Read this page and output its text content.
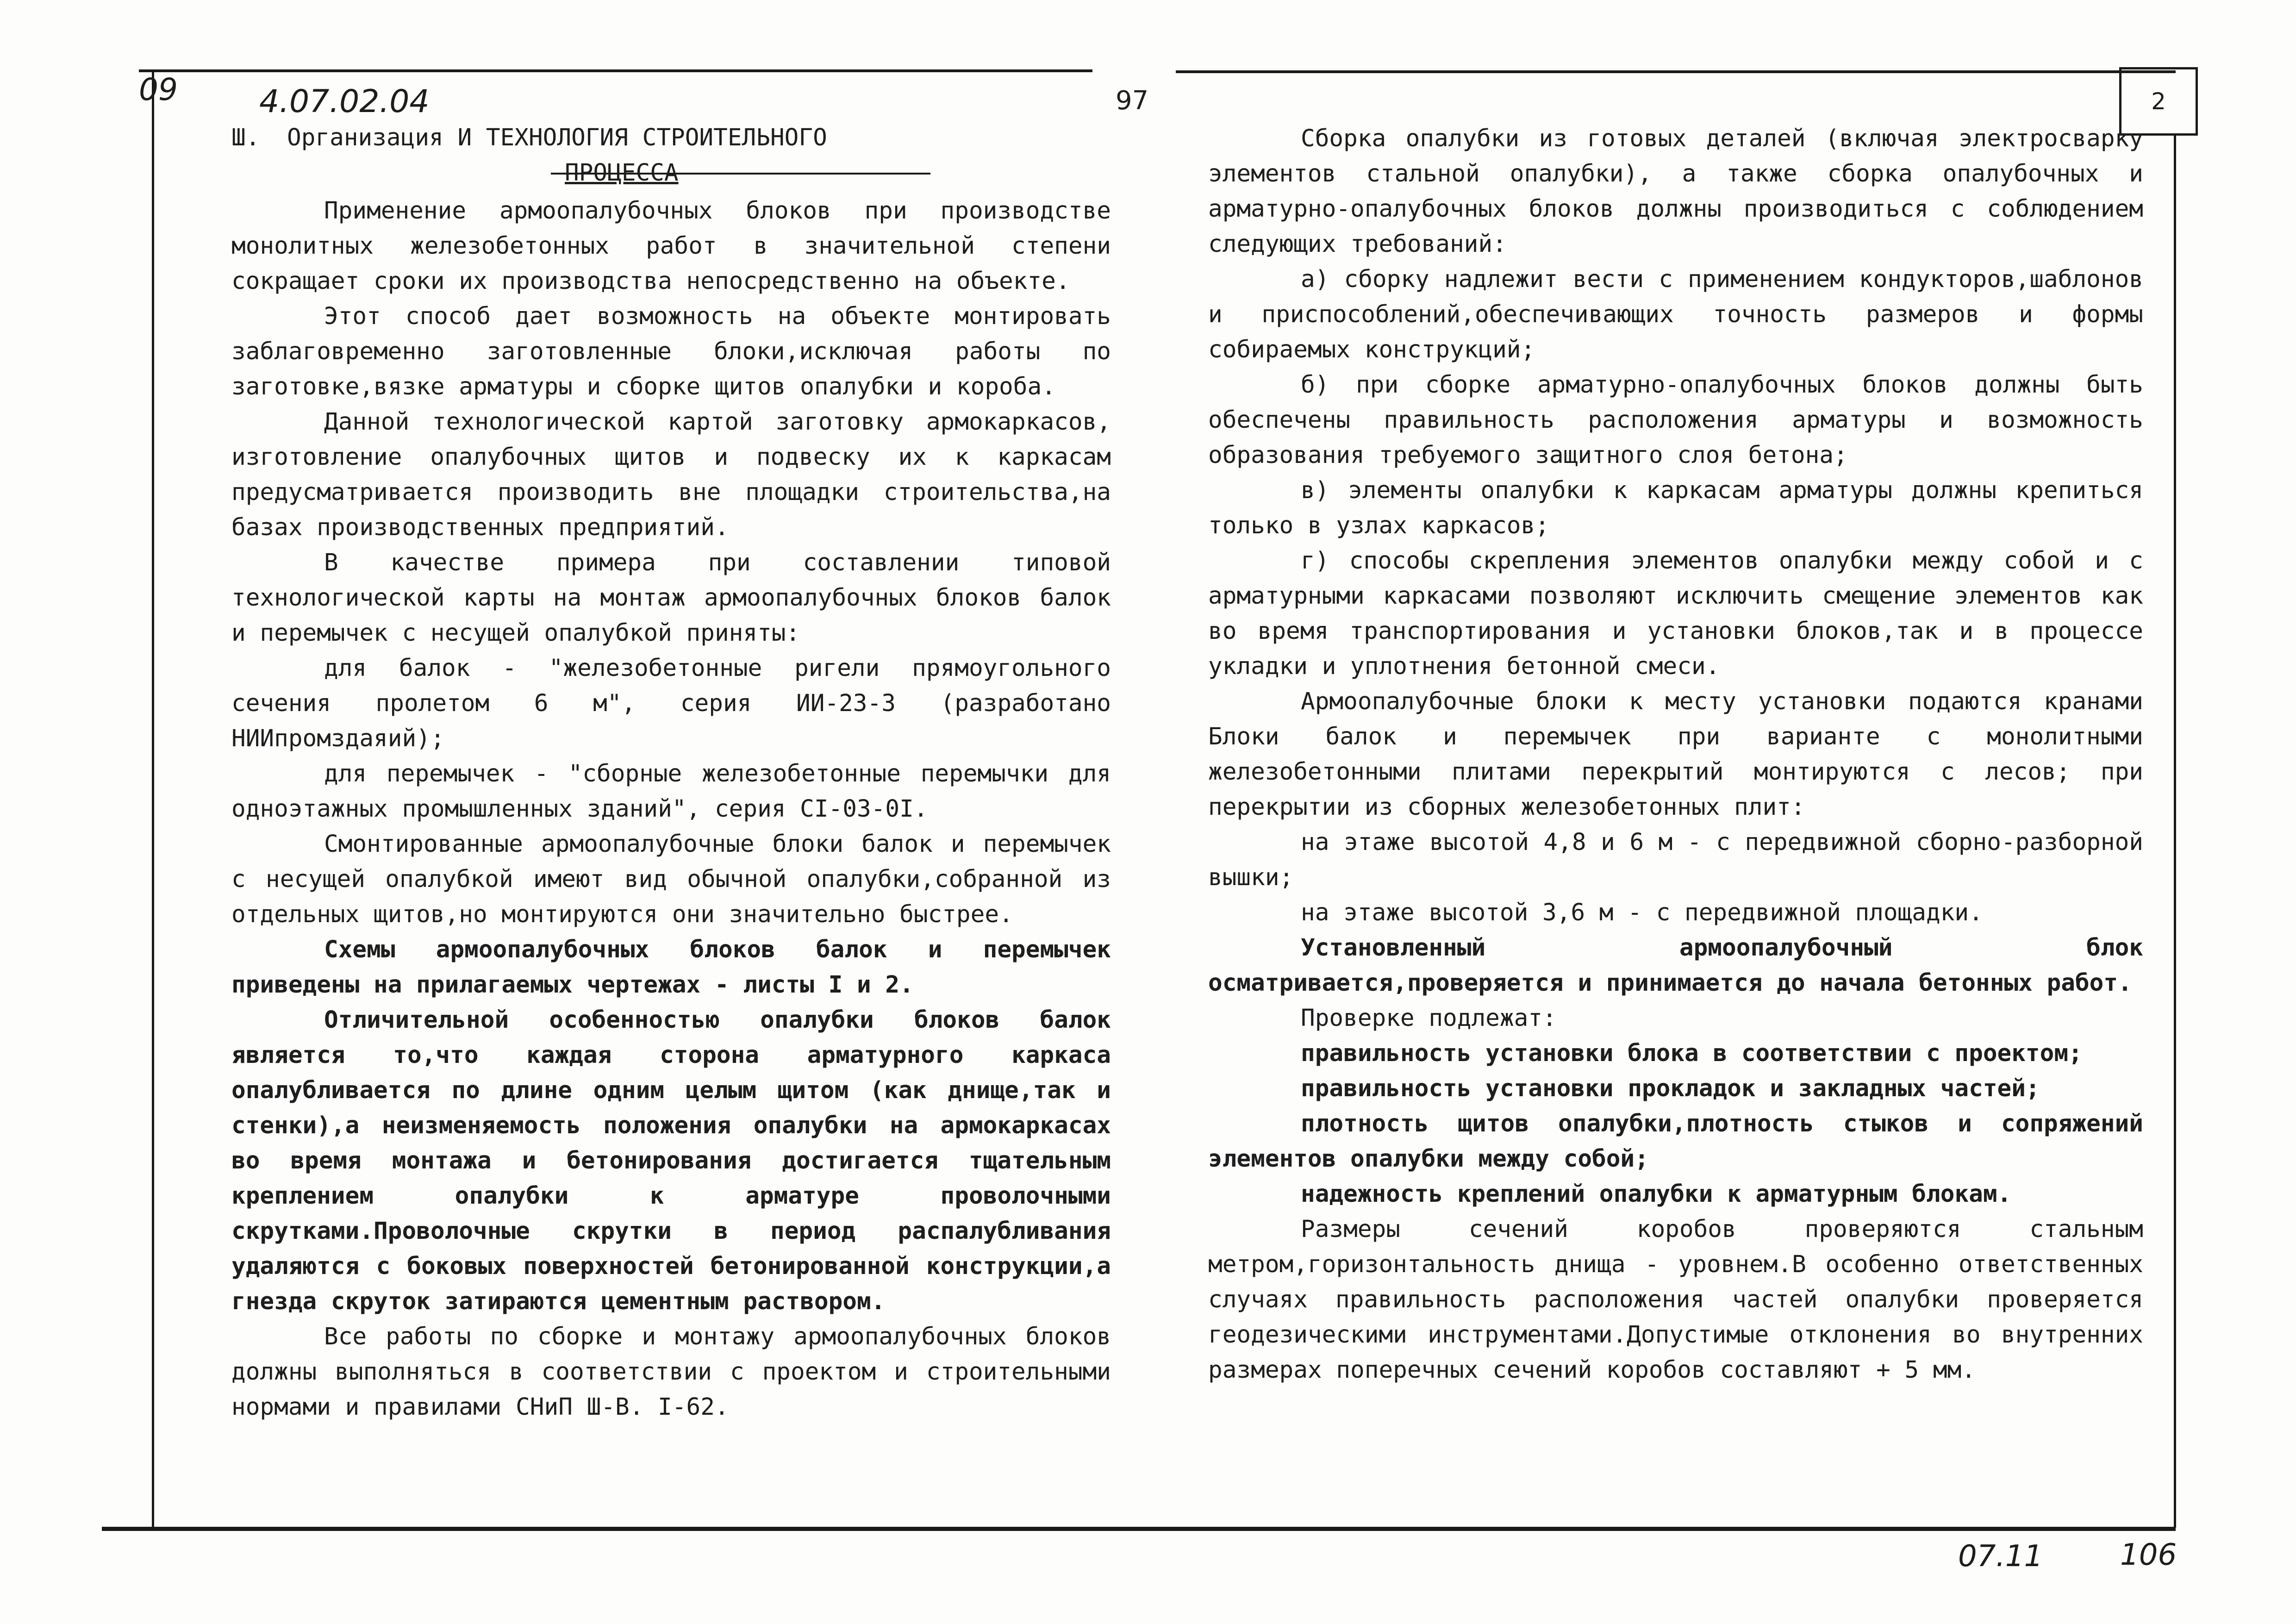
09	4.07.02.04	97	2
Ш.	Организация И ТЕХНОЛОГИЯ СТРОИТЕЛЬНОГО
ПРОЦЕССА

Применение армоопалубочных блоков при производстве монолитных железобетонных работ в значительной степени сокращает сроки их производства непосредственно на объекте.

Этот способ дает возможность на объекте монтировать заблаговременно заготовленные блоки,исключая работы по заготовке,вязке арматуры и сборке щитов опалубки и короба.

Данной технологической картой заготовку армокаркасов, изготовление опалубочных щитов и подвеску их к каркасам предусматривается производить вне площадки строительства,на базах производственных предприятий.

В качестве примера при составлении типовой технологической карты на монтаж армоопалубочных блоков балок и перемычек с несущей опалубкой приняты:

для балок - "железобетонные ригели прямоугольного сечения пролетом 6 м", серия ИИ-23-3 (разработано НИИпромздаяий);

для перемычек - "сборные железобетонные перемычки для одноэтажных промышленных зданий", серия СI-03-0I.

Смонтированные армоопалубочные блоки балок и перемычек с несущей опалубкой имеют вид обычной опалубки,собранной из отдельных щитов,но монтируются они значительно быстрее.

Схемы армоопалубочных блоков балок и перемычек приведены на прилагаемых чертежах - листы I и 2.

Отличительной особенностью опалубки блоков балок является то,что каждая сторона арматурного каркаса опалубливается по длине одним целым щитом (как днище,так и стенки),а неизменяемость положения опалубки на армокаркасах во время монтажа и бетонирования достигается тщательным креплением опалубки к арматуре проволочными скрутками.Проволочные скрутки в период распалубливания удаляются с боковых поверхностей бетонированной конструкции,а гнезда скруток затираются цементным раствором.

Все работы по сборке и монтажу армоопалубочных блоков должны выполняться в соответствии с проектом и строительными нормами и правилами СНиП Ш-В. I-62.

Сборка опалубки из готовых деталей (включая электросварку элементов стальной опалубки), а также сборка опалубочных и арматурно-опалубочных блоков должны производиться с соблюдением следующих требований:

а) сборку надлежит вести с применением кондукторов,шаблонов и приспособлений,обеспечивающих точность размеров и формы собираемых конструкций;

б) при сборке арматурно-опалубочных блоков должны быть обеспечены правильность расположения арматуры и возможность образования требуемого защитного слоя бетона;

в) элементы опалубки к каркасам арматуры должны крепиться только в узлах каркасов;

г) способы скрепления элементов опалубки между собой и с арматурными каркасами позволяют исключить смещение элементов как во время транспортирования и установки блоков,так и в процессе укладки и уплотнения бетонной смеси.

Армоопалубочные блоки к месту установки подаются кранами Блоки балок и перемычек при варианте с монолитными железобетонными плитами перекрытий монтируются с лесов; при перекрытии из сборных железобетонных плит:

на этаже высотой 4,8 и 6 м - с передвижной сборно-разборной вышки;

на этаже высотой 3,6 м - с передвижной площадки.

Установленный армоопалубочный блок осматривается,проверяется и принимается до начала бетонных работ.

Проверке подлежат:

правильность установки блока в соответствии с проектом;

правильность установки прокладок и закладных частей;

плотность щитов опалубки,плотность стыков и сопряжений элементов опалубки между собой;

надежность креплений опалубки к арматурным блокам.

Размеры сечений коробов проверяются стальным метром,горизонтальность днища - уровнем.В особенно ответственных случаях правильность расположения частей опалубки проверяется геодезическими инструментами.Допустимые отклонения во внутренних размерах поперечных сечений коробов составляют + 5 мм.

07.11	106
